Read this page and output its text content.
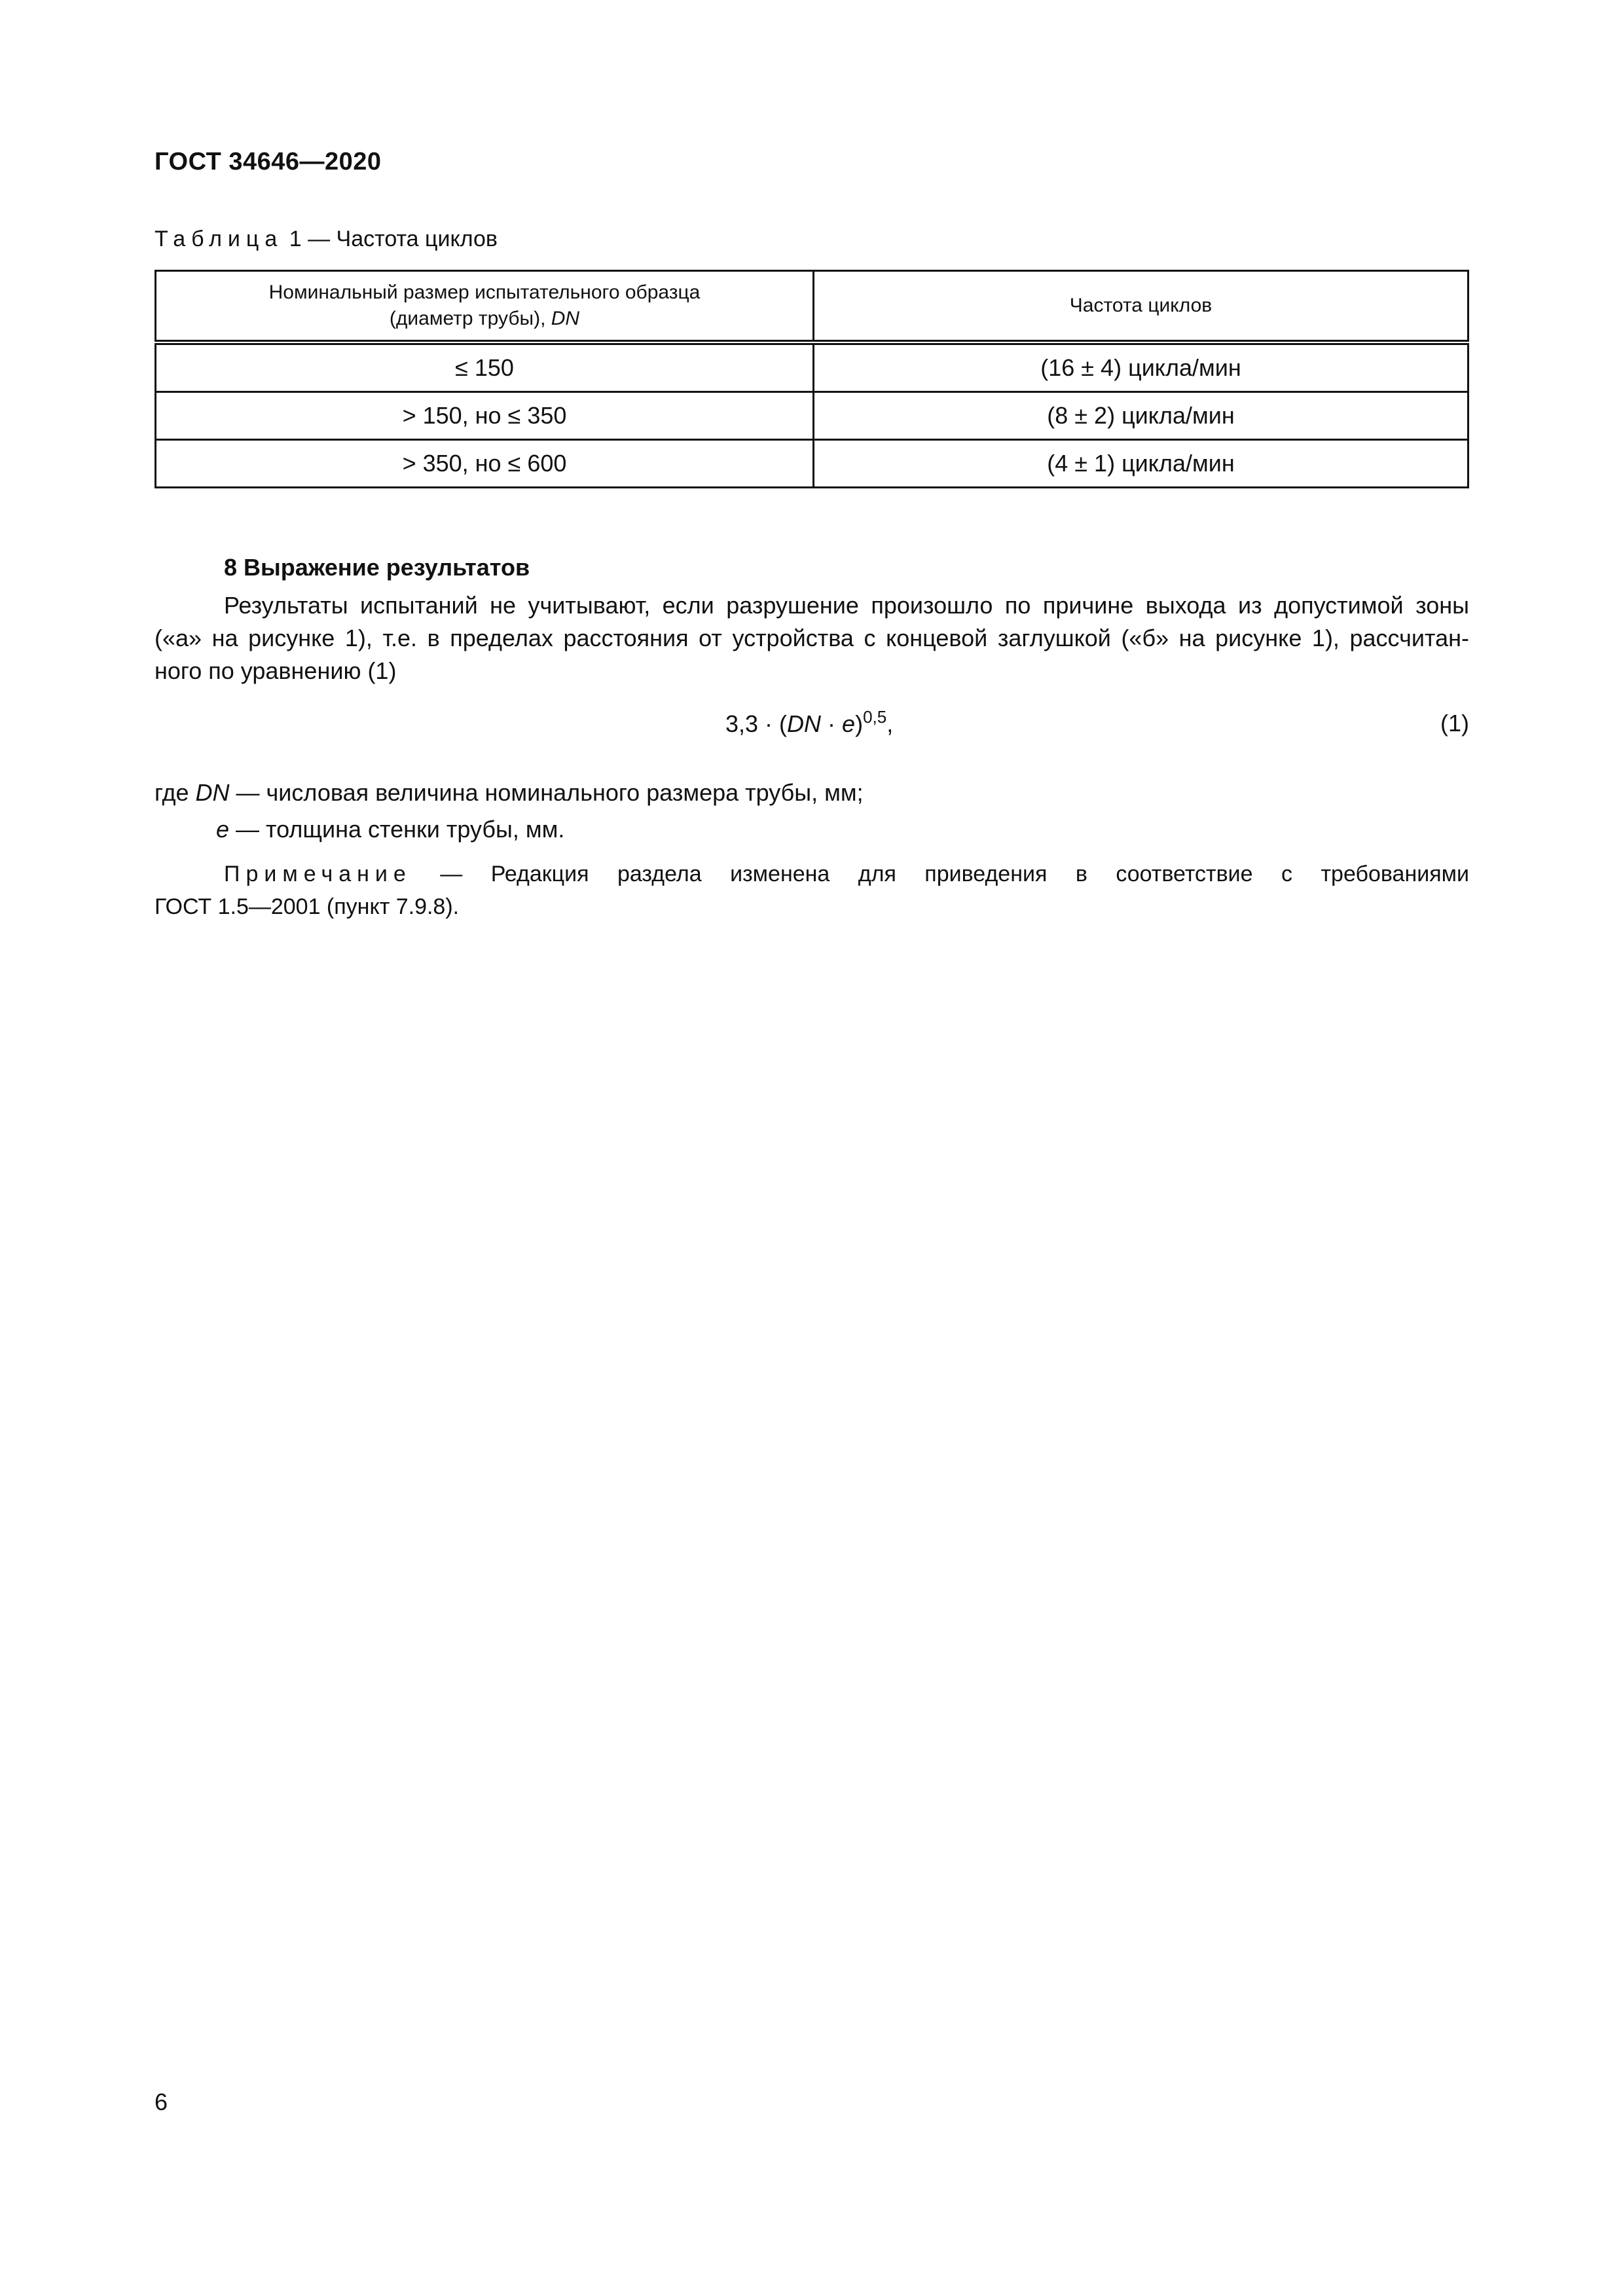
ГОСТ 34646—2020
Таблица 1 — Частота циклов
Номинальный размер испытательного образца
(диаметр трубы), DN	Частота циклов
≤ 150	(16 ± 4) цикла/мин
> 150, но ≤ 350	(8 ± 2) цикла/мин
> 350, но ≤ 600	(4 ± 1) цикла/мин
8 Выражение результатов
Результаты испытаний не учитывают, если разрушение произошло по причине выхода из допустимой зоны
(«а» на рисунке 1), т.е. в пределах расстояния от устройства с концевой заглушкой («б» на рисунке 1), рассчитан-
ного по уравнению (1)
3,3 · (DN · e)$^{0,5}$,	(1)
где DN — числовая величина номинального размера трубы, мм;
e — толщина стенки трубы, мм.
Примечание — Редакция раздела изменена для приведения в соответствие с требованиями
ГОСТ 1.5—2001 (пункт 7.9.8).
6
